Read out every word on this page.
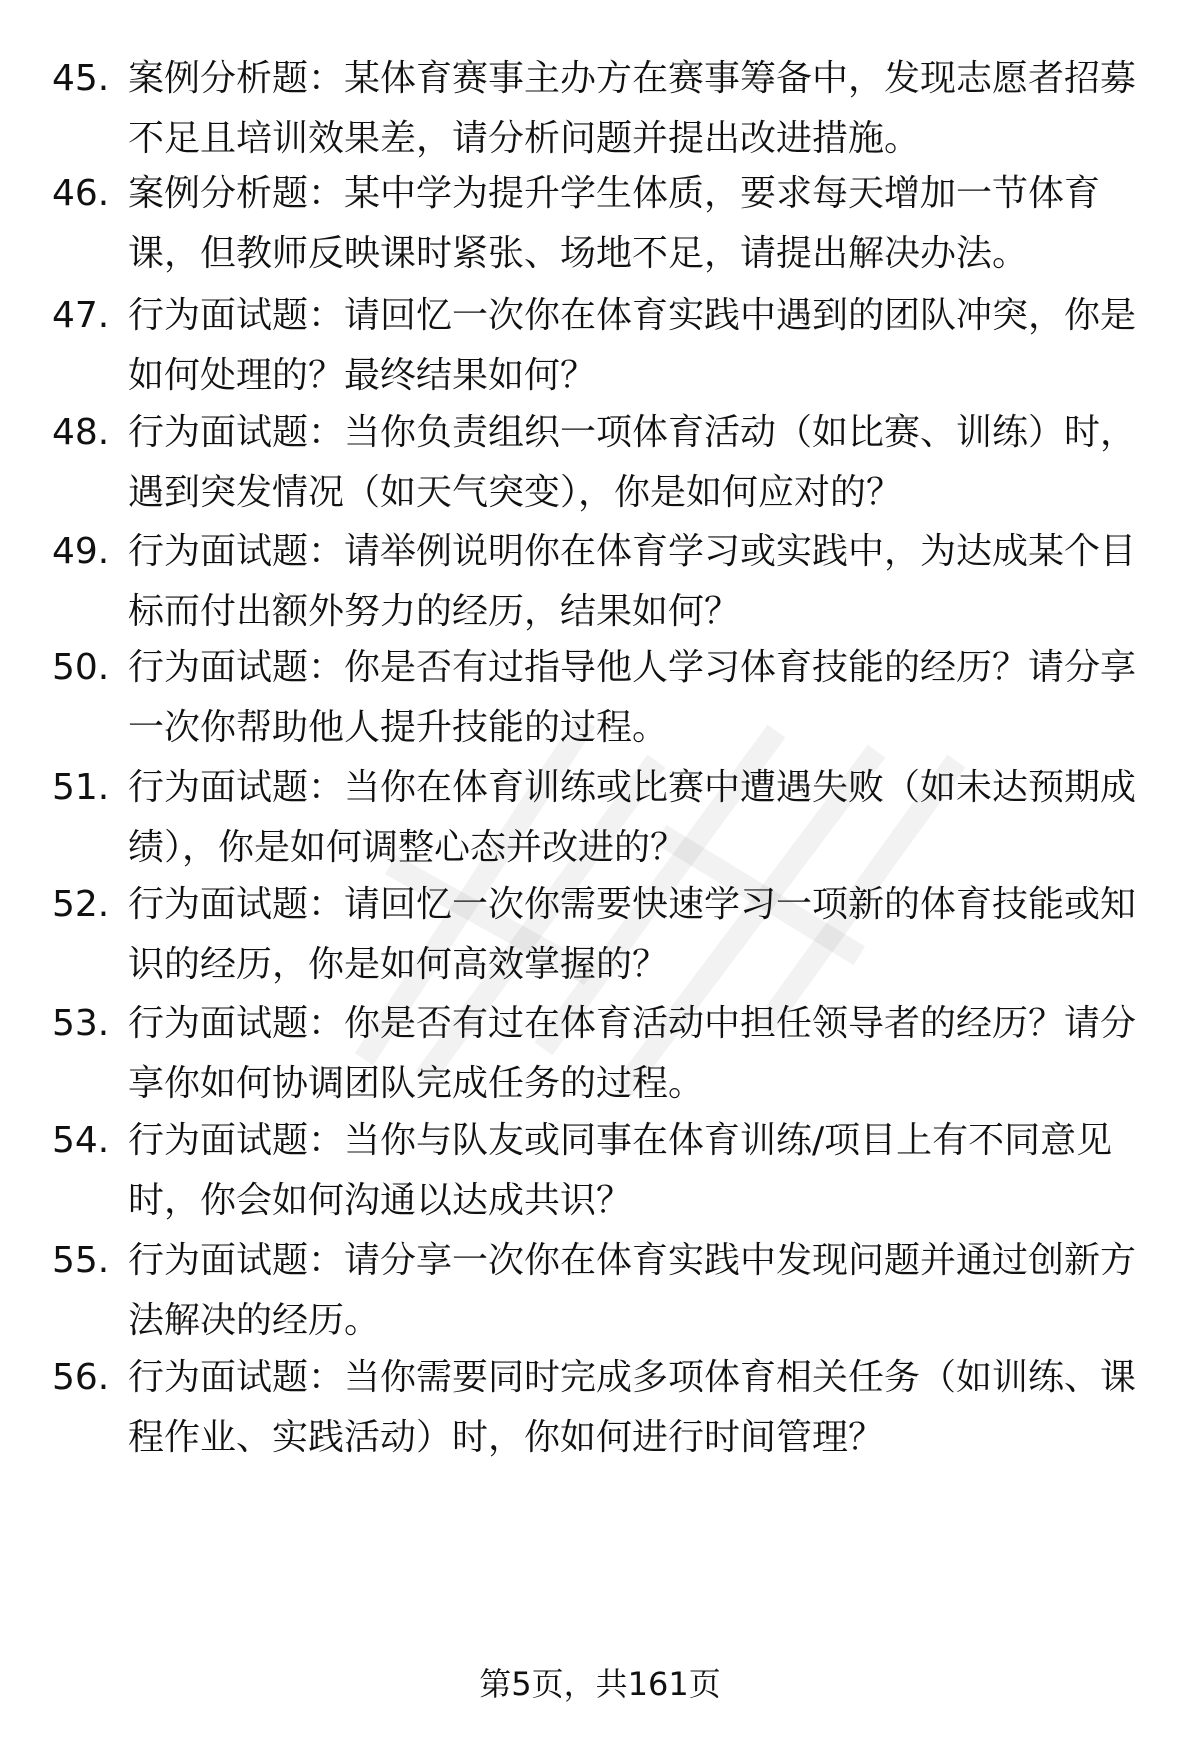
45. 案例分析题：某体育赛事主办方在赛事筹备中，发现志愿者招募
不足且培训效果差，请分析问题并提出改进措施。
46. 案例分析题：某中学为提升学生体质，要求每天增加一节体育
课，但教师反映课时紧张、场地不足，请提出解决办法。
47. 行为面试题：请回忆一次你在体育实践中遇到的团队冲突，你是
如何处理的？最终结果如何？
48. 行为面试题：当你负责组织一项体育活动（如比赛、训练）时，
遇到突发情况（如天气突变），你是如何应对的？
49. 行为面试题：请举例说明你在体育学习或实践中，为达成某个目
标而付出额外努力的经历，结果如何？
50. 行为面试题：你是否有过指导他人学习体育技能的经历？请分享
一次你帮助他人提升技能的过程。
51. 行为面试题：当你在体育训练或比赛中遭遇失败（如未达预期成
绩），你是如何调整心态并改进的？
52. 行为面试题：请回忆一次你需要快速学习一项新的体育技能或知
识的经历，你是如何高效掌握的？
53. 行为面试题：你是否有过在体育活动中担任领导者的经历？请分
享你如何协调团队完成任务的过程。
54. 行为面试题：当你与队友或同事在体育训练/项目上有不同意见
时，你会如何沟通以达成共识？
55. 行为面试题：请分享一次你在体育实践中发现问题并通过创新方
法解决的经历。
56. 行为面试题：当你需要同时完成多项体育相关任务（如训练、课
程作业、实践活动）时，你如何进行时间管理？
第5页，共161页
